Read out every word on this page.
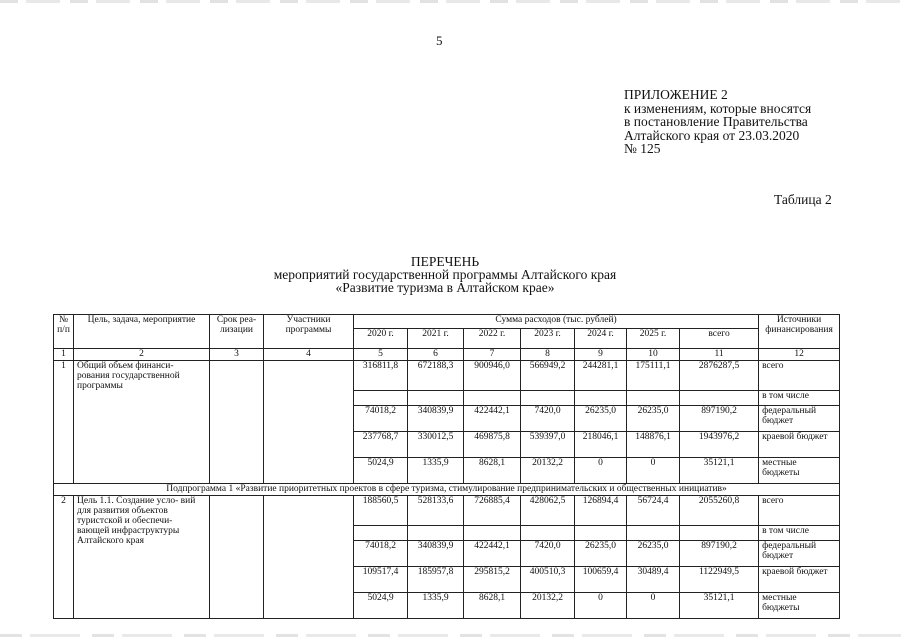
5
ПРИЛОЖЕНИЕ 2
к изменениям, которые вносятся
в постановление Правительства
Алтайского края от 23.03.2020
№ 125
Таблица 2
ПЕРЕЧЕНЬ
мероприятий государственной программы Алтайского края
«Развитие туризма в Алтайском крае»
№ п/п	Цель, задача, мероприятие	Срок реа- лизации	Участники программы	Сумма расходов (тыс. рублей)							Источники финансирования
				2020 г.	2021 г.	2022 г.	2023 г.	2024 г.	2025 г.	всего	
1	2	3	4	5	6	7	8	9	10	11	12
1	Общий объем финанси- рования государственной программы			316811,8	672188,3	900946,0	566949,2	244281,1	175111,1	2876287,5	всего
											в том числе
				74018,2	340839,9	422442,1	7420,0	26235,0	26235,0	897190,2	федеральный бюджет
				237768,7	330012,5	469875,8	539397,0	218046,1	148876,1	1943976,2	краевой бюджет
				5024,9	1335,9	8628,1	20132,2	0	0	35121,1	местные бюджеты
Подпрограмма 1 «Развитие приоритетных проектов в сфере туризма, стимулирование предпринимательских и общественных инициатив»											
2	Цель 1.1. Создание усло- вий для развития объектов туристской и обеспечи- вающей инфраструктуры Алтайского края			188560,5	528133,6	726885,4	428062,5	126894,4	56724,4	2055260,8	всего
											в том числе
				74018,2	340839,9	422442,1	7420,0	26235,0	26235,0	897190,2	федеральный бюджет
				109517,4	185957,8	295815,2	400510,3	100659,4	30489,4	1122949,5	краевой бюджет
				5024,9	1335,9	8628,1	20132,2	0	0	35121,1	местные бюджеты
